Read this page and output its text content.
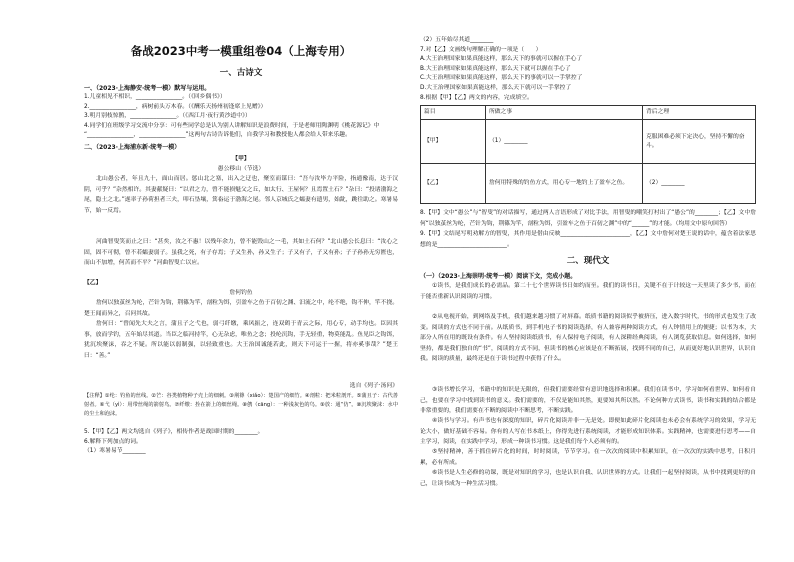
备战2023中考一模重组卷04（上海专用）
一、古诗文
一、（2023·上海静安·统考一模）默写与运用。
1.儿童相见不相识，________________。（《回乡偶书》）
2.________________，病树前头万木春。（《酬乐天扬州初逢席上见赠》）
3.明月别枝惊鹊，________________。（《西江月·夜行黄沙道中》）
4.同学们在班级学习交流中分享：可有些同学总是认为别人讲解知识是浪费时间，于是老师用陶渊明《桃花源记》中
“________________，________________”这两句古诗告诉他们，自我学习和教授他人都会给人带来乐趣。
二、（2023·上海浦东新·统考一模）
【甲】
愚公移山（节选）
北山愚公者，年且九十，面山而居。惩山北之塞，出入之迂也，聚室而谋曰：“吾与汝毕力平险，指通豫南，达于汉阴，可乎？”杂然相许。其妻献疑曰：“以君之力，曾不能损魁父之丘，如太行、王屋何？且焉置土石？”杂曰：“投诸渤海之尾，隐土之北。”遂率子孙荷担者三夫，叩石垦壤，箕畚运于渤海之尾。邻人京城氏之孀妻有遗男，始龀，跳往助之。寒暑易节，始一反焉。
河曲智叟笑而止之曰：“甚矣，汝之不惠！以残年余力，曾不能毁山之一毛，其如土石何？”北山愚公长息曰：“汝心之固，固不可彻，曾不若孀妻弱子。虽我之死，有子存焉；子又生孙，孙又生子；子又有子，子又有孙；子子孙孙无穷匮也，而山不加增，何苦而不平？”河曲智叟亡以应。
【乙】
詹何钓鱼
詹何以独茧丝为纶，芒针为钩，荆篠为竿，剖粒为饵，引盈车之鱼于百仞之渊、汨流之中，纶不绝，钩不伸，竿不挠。楚王闻而异之，召问其故。
詹何曰：“曾闻先大夫之言，蒲且子之弋也，弱弓纤缴，乘风振之，连双鸧于青云之际，用心专，动手均也。臣因其事，放而学钓，五年始尽其道。当臣之临河持竿，心无杂虑，唯鱼之念；投纶沉钩，手无轻重，物莫能乱。鱼见臣之钩饵，犹沉埃聚沫，吞之不疑。所以能以弱制强，以轻致重也。大王治国诚能若此，则天下可运于一握，将亦奚事哉？”楚王曰：“善。”
选自《列子·汤问》
【注释】①纶：钓鱼的丝线。②芒：谷类植物种子壳上的细刺。③荆篠（xiǎo）：楚国产的细竹。④剖粒：把米粒剖开。⑤蒲且子：古代善射者。⑥弋（yì）：用带丝绳的箭射鸟。⑦纤缴：拴在箭上的细丝绳。⑧鸧（cāng）：一种浅灰色的鸟。⑨放：通“仿”。⑩沉埃聚沫：水中的尘土和泡沫。
5.【甲】【乙】两文均选自《列子》，相传作者是战国时期的________。
6.解释下列加点的词。
（1）寒暑易节________
（2）五年始尽其道________
7.对【乙】文画线句理解正确的一项是（　　）
A.大王治理国家如果真能这样，那么天下的事就可以握在手心了
B.大王治理国家如果真能这样，那么天下就可以握在手心了
C.大王治理国家如果真能这样，那么天下的事就可以一手掌控了
D.大王治理国家如果真能这样，那么天下就可以一手掌控了
8.根据【甲】【乙】两文的内容，完成填空。
篇目	所做之事	背后之理
【甲】	（1）________	克服困难必须下定决心，坚持不懈的奋斗。
【乙】	詹何用特殊的钓鱼方式，用心专一地钓上了盈车之鱼。	（2）________
8.【甲】文中“愚公”与“智叟”的对话描写，通过两人言语形成了对比手法，用智叟的嘲笑打衬出了“愚公”的________；【乙】文中詹何“以独茧丝为纶，芒针为钩，荆篠为竿，剖粒为饵，引盈车之鱼于百仞之渊”中的“______”的才能。（均用文中原句回答）
9.【甲】文结尾写明劝解方的智叟，其作用是借由反映________________________，【乙】文中詹何对楚王说的话中，蕴含着法家思想的是________________________。
二、现代文
（一）（2023·上海崇明·统考一模）阅读下文，完成小题。
①读书，是我们成长的必需品。第二十七个世界读书日如约而至。我们的读书日，关键不在于计较这一天里读了多少书，而在于能否重新认识阅读的习惯。
②从电视开始，到网络及手机，我们越来越习惯了对屏幕。纸质书籍的阅读似乎被挤压，进入数字时代，书的形式也发生了改变。阅读的方式也不同于前。从纸质书，到手机电子书的阅读选择，有人兼容两种阅读方式，有人钟情用上的便捷；以书为本，大部分人所在用的既设有条件。有人坚持阅读纸质书，有人保持电子阅读，有人深耕经典阅读，有人浏览获取信息。如何选择，如何坚持，都是我们独自的“书”，阅读的方式不同，但读书的核心应该是在不断拓展，找到不同的自己，从而更好地认识世界，认识自我。阅读的质量，最终还是在于读书过程中获得了什么。
③读书增长学习，书籍中的知识是无限的，但我们需要经常有意识地选择和积累。我们在读书中，学习如何看世界、如何看自己，也要在学习中找到读书的意义。我们需要的，不仅是能知其然，更要知其所以然。不论何种方式读书，读书和实践的结合都是非常重要的，我们需要在不断的阅读中不断思考，不断实践。
④读书与学习。有声书也有深度的知识，碎片化阅读并非一无是处。即便如此碎片化阅读也未必会有系统学习的效果，学习无论大小，做好基础不容易。你有的人写在书本纸上，你得先进行系统阅读，才能形成知识体系。实践精神，也需要进行思考——自主学习，阅读，在实践中学习，形成一种读书习惯。这是我们每个人必须有的。
⑤坚持精神，善于抓住碎片化的时间，时时阅读，节节学习。在一次次的阅读中积累知识，在一次次的实践中思考，日积月累，必有所成。
⑥读书是人生必修的功课，既是对知识的学习，也是认识自我、认识世界的方式。让我们一起坚持阅读，从书中找到更好的自己，让读书成为一种生活习惯。
